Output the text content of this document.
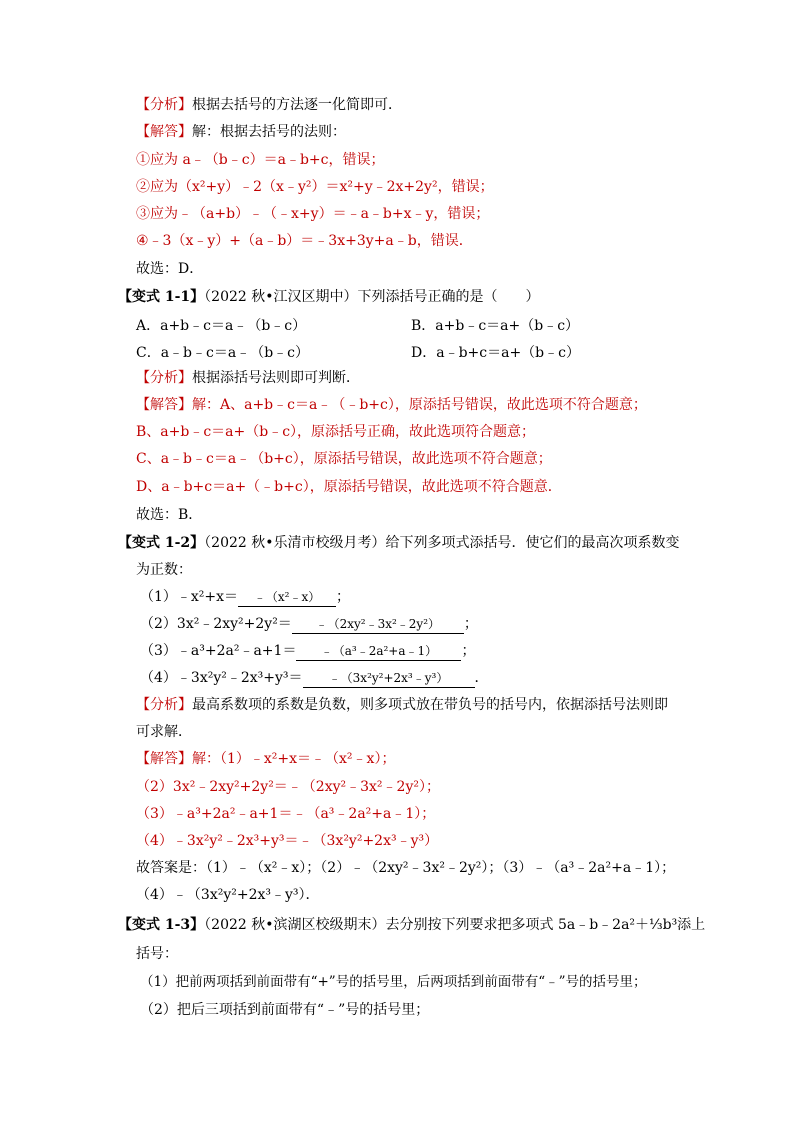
【分析】根据去括号的方法逐一化简即可．
【解答】解：根据去括号的法则：
①应为 a﹣（b﹣c）＝a﹣b+c，错误；
②应为（x²+y）﹣2（x﹣y²）＝x²+y﹣2x+2y²，错误；
③应为﹣（a+b）﹣（﹣x+y）＝﹣a﹣b+x﹣y，错误；
④﹣3（x﹣y）+（a﹣b）＝﹣3x+3y+a﹣b，错误．
故选：D．
【变式 1-1】（2022 秋•江汉区期中）下列添括号正确的是（　　）
A．a+b﹣c＝a﹣（b﹣c）	B．a+b﹣c＝a+（b﹣c）
C．a﹣b﹣c＝a﹣（b﹣c）	D．a﹣b+c＝a+（b﹣c）
【分析】根据添括号法则即可判断．
【解答】解：A、a+b﹣c＝a﹣（﹣b+c），原添括号错误，故此选项不符合题意；
B、a+b﹣c＝a+（b﹣c），原添括号正确，故此选项符合题意；
C、a﹣b﹣c＝a﹣（b+c），原添括号错误，故此选项不符合题意；
D、a﹣b+c＝a+（﹣b+c），原添括号错误，故此选项不符合题意．
故选：B．
【变式 1-2】（2022 秋•乐清市校级月考）给下列多项式添括号．使它们的最高次项系数变
为正数：
（1）﹣x²+x＝ ﹣（x²﹣x） ；
（2）3x²﹣2xy²+2y²＝ ﹣（2xy²﹣3x²﹣2y²） ；
（3）﹣a³+2a²﹣a+1＝ ﹣（a³﹣2a²+a﹣1） ；
（4）﹣3x²y²﹣2x³+y³＝ ﹣（3x²y²+2x³﹣y³） ．
【分析】最高系数项的系数是负数，则多项式放在带负号的括号内，依据添括号法则即
可求解．
【解答】解：（1）﹣x²+x＝﹣（x²﹣x）；
（2）3x²﹣2xy²+2y²＝﹣（2xy²﹣3x²﹣2y²）；
（3）﹣a³+2a²﹣a+1＝﹣（a³﹣2a²+a﹣1）；
（4）﹣3x²y²﹣2x³+y³＝﹣（3x²y²+2x³﹣y³）
故答案是：（1）﹣（x²﹣x）；（2）﹣（2xy²﹣3x²﹣2y²）；（3）﹣（a³﹣2a²+a﹣1）；
（4）﹣（3x²y²+2x³﹣y³）．
【变式 1-3】（2022 秋•滨湖区校级期末）去分别按下列要求把多项式 5a﹣b﹣2a²＋⅓b³添上
括号：
（1）把前两项括到前面带有“+”号的括号里，后两项括到前面带有“﹣”号的括号里；
（2）把后三项括到前面带有“﹣”号的括号里；
